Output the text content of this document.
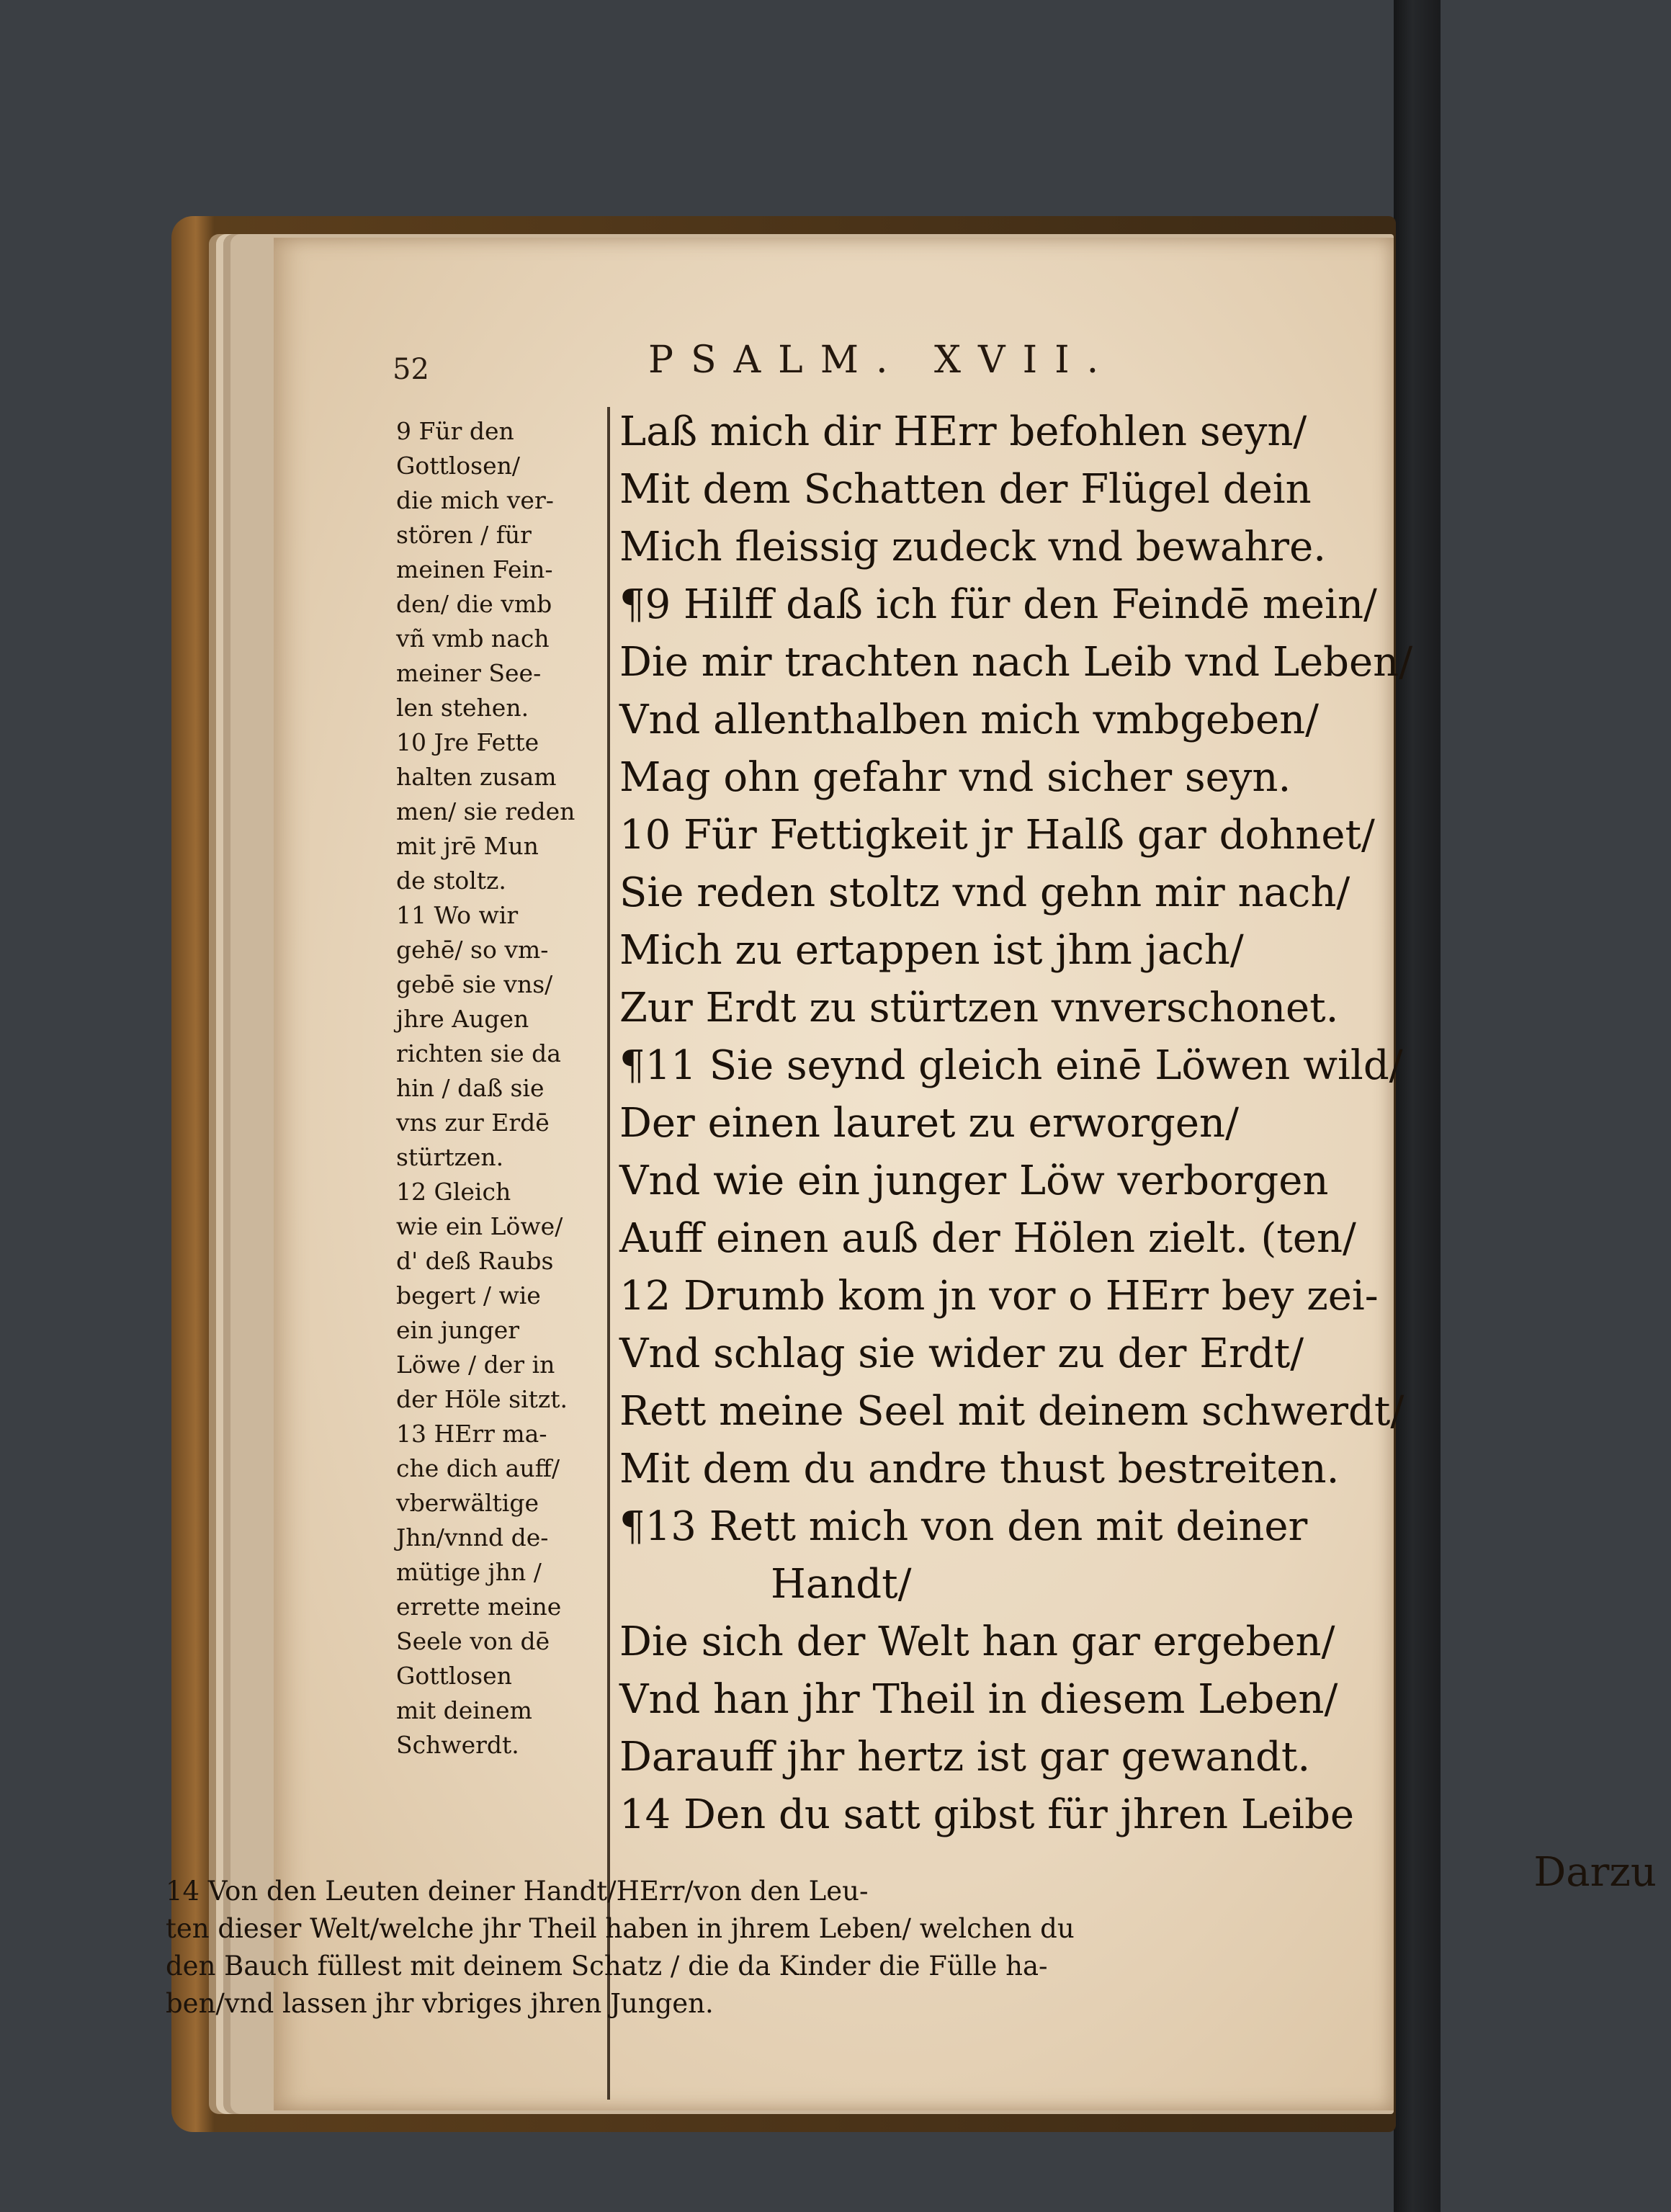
52	PSALM. XVII.
9 Für den
Gottlosen/
die mich ver-
stören / für
meinen Fein-
den/ die vmb
vñ vmb nach
meiner See-
len stehen.
10 Jre Fette
halten zusam
men/ sie reden
mit jrē Mun
de stoltz.
11 Wo wir
gehē/ so vm-
gebē sie vns/
jhre Augen
richten sie da
hin / daß sie
vns zur Erdē
stürtzen.
12 Gleich
wie ein Löwe/
d' deß Raubs
begert / wie
ein junger
Löwe / der in
der Höle sitzt.
13 HErr ma-
che dich auff/
vberwältige
Jhn/vnnd de-
mütige jhn /
errette meine
Seele von dē
Gottlosen
mit deinem
Schwerdt.
Laß mich dir HErr befohlen seyn/
Mit dem Schatten der Flügel dein
Mich fleissig zudeck vnd bewahre.
¶9 Hilff daß ich für den Feindē mein/
Die mir trachten nach Leib vnd Leben/
Vnd allenthalben mich vmbgeben/
Mag ohn gefahr vnd sicher seyn.
10 Für Fettigkeit jr Halß gar dohnet/
Sie reden stoltz vnd gehn mir nach/
Mich zu ertappen ist jhm jach/
Zur Erdt zu stürtzen vnverschonet.
¶11 Sie seynd gleich einē Löwen wild/
Der einen lauret zu erworgen/
Vnd wie ein junger Löw verborgen
Auff einen auß der Hölen zielt. (ten/
12 Drumb kom jn vor o HErr bey zei-
Vnd schlag sie wider zu der Erdt/
Rett meine Seel mit deinem schwerdt/
Mit dem du andre thust bestreiten.
¶13 Rett mich von den mit deiner
Handt/
Die sich der Welt han gar ergeben/
Vnd han jhr Theil in diesem Leben/
Darauff jhr hertz ist gar gewandt.
14 Den du satt gibst für jhren Leibe
Darzu
14 Von den Leuten deiner Handt/HErr/von den Leu-
ten dieser Welt/welche jhr Theil haben in jhrem Leben/ welchen du
den Bauch füllest mit deinem Schatz / die da Kinder die Fülle ha-
ben/vnd lassen jhr vbriges jhren Jungen.
